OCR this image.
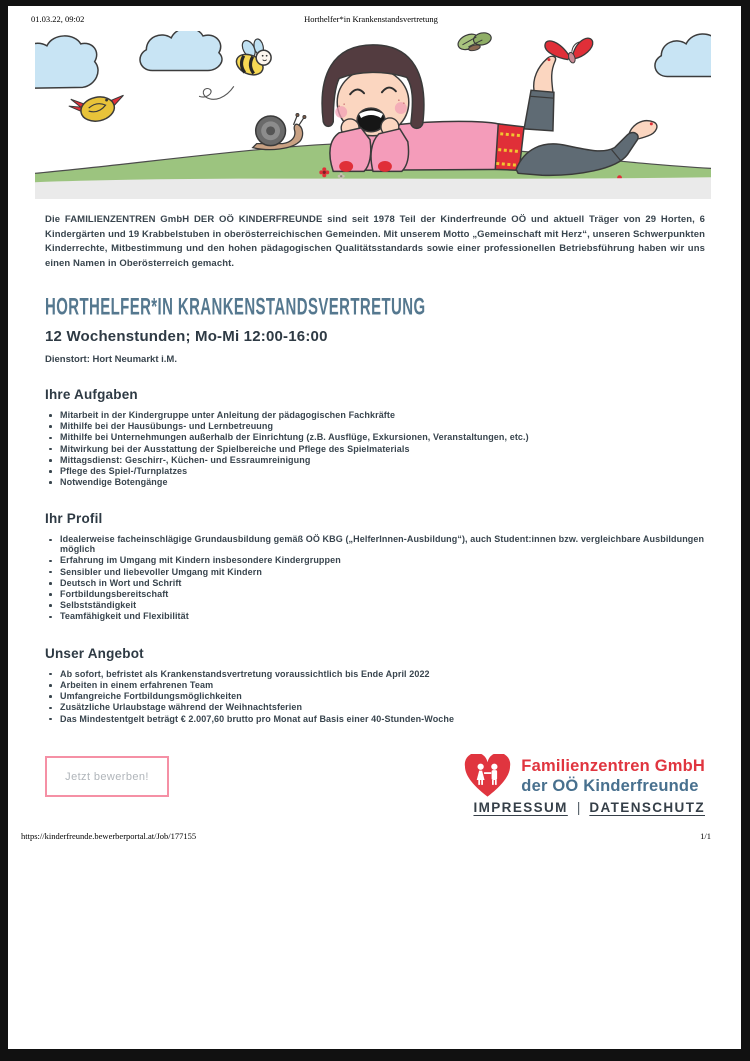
01.03.22, 09:02	Horthelfer*in Krankenstandsvertretung

Die FAMILIENZENTREN GmbH DER OÖ KINDERFREUNDE sind seit 1978 Teil der Kinderfreunde OÖ und aktuell Träger von 29 Horten, 6 Kindergärten und 19 Krabbelstuben in oberösterreichischen Gemeinden. Mit unserem Motto „Gemeinschaft mit Herz“, unseren Schwerpunkten Kinderrechte, Mitbestimmung und den hohen pädagogischen Qualitätsstandards sowie einer professionellen Betriebsführung haben wir uns einen Namen in Oberösterreich gemacht.

HORTHELFER*IN KRANKENSTANDSVERTRETUNG
12 Wochenstunden; Mo-Mi 12:00-16:00
Dienstort: Hort Neumarkt i.M.
Ihre Aufgaben
Mitarbeit in der Kindergruppe unter Anleitung der pädagogischen Fachkräfte
Mithilfe bei der Hausübungs- und Lernbetreuung
Mithilfe bei Unternehmungen außerhalb der Einrichtung (z.B. Ausflüge, Exkursionen, Veranstaltungen, etc.)
Mitwirkung bei der Ausstattung der Spielbereiche und Pflege des Spielmaterials
Mittagsdienst: Geschirr-, Küchen- und Essraumreinigung
Pflege des Spiel-/Turnplatzes
Notwendige Botengänge
Ihr Profil
Idealerweise facheinschlägige Grundausbildung gemäß OÖ KBG („HelferInnen-Ausbildung“), auch Student:innen bzw. vergleichbare Ausbildungen möglich
Erfahrung im Umgang mit Kindern insbesondere Kindergruppen
Sensibler und liebevoller Umgang mit Kindern
Deutsch in Wort und Schrift
Fortbildungsbereitschaft
Selbstständigkeit
Teamfähigkeit und Flexibilität
Unser Angebot
Ab sofort, befristet als Krankenstandsvertretung voraussichtlich bis Ende April 2022
Arbeiten in einem erfahrenen Team
Umfangreiche Fortbildungsmöglichkeiten
Zusätzliche Urlaubstage während der Weihnachtsferien
Das Mindestentgelt beträgt € 2.007,60 brutto pro Monat auf Basis einer 40-Stunden-Woche
Jetzt bewerben!
Familienzentren GmbH
der OÖ Kinderfreunde
IMPRESSUM | DATENSCHUTZ
https://kinderfreunde.bewerberportal.at/Job/177155	1/1
